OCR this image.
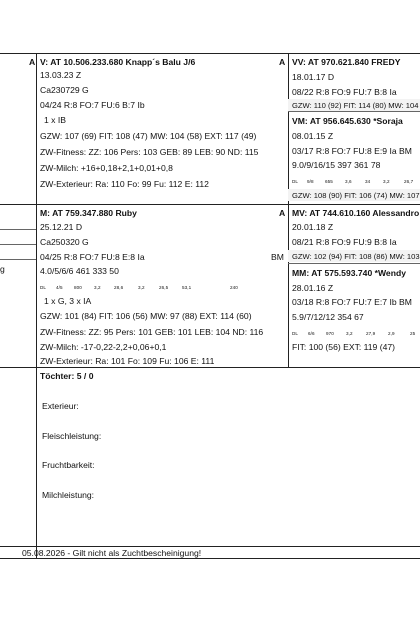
A
g
V: AT 10.506.233.680 Knapp´s Balu J/6	A
13.03.23 Z
Ca230729 G
04/24 R:8 FO:7 FU:6 B:7 Ib
1 x IB
GZW: 107 (69) FIT: 108 (47) MW: 104 (58) EXT: 117 (49)
ZW-Fitness: ZZ: 106 Pers: 103 GEB: 89 LEB: 90 ND: 115
ZW-Milch: +16+0,18+2,1+0,01+0,8
ZW-Exterieur: Ra: 110 Fo: 99 Fu: 112 E: 112
VV: AT 970.621.840 FREDY
18.01.17 D
08/22 R:8 FO:9 FU:7 B:8 Ia
GZW: 110 (92) FIT: 114 (80) MW: 104
VM: AT 956.645.630 *Soraja
08.01.15 Z
03/17 R:8 FO:7 FU:8 E:9 Ia BM
9.0/9/16/15 397 361 78
DL 9/8 655	3,6	34	3,2	26,7
GZW: 108 (90) FIT: 106 (74) MW: 107
M: AT 759.347.880 Ruby	A
25.12.21 D
Ca250320 G
04/25 R:8 FO:7 FU:8 E:8 Ia	BM
4.0/5/6/6 461 333 50
DL 4/5 800	3,2	28,6	3,2	26,5	53,1	240
1 x G, 3 x IA
GZW: 101 (84) FIT: 106 (56) MW: 97 (88) EXT: 114 (60)
ZW-Fitness: ZZ: 95 Pers: 101 GEB: 101 LEB: 104 ND: 116
ZW-Milch: -17-0,22-2,2+0,06+0,1
ZW-Exterieur: Ra: 101 Fo: 109 Fu: 106 E: 111
MV: AT 744.610.160 Alessandro
20.01.18 Z
08/21 R:8 FO:9 FU:9 B:8 Ia
GZW: 102 (94) FIT: 108 (86) MW: 103
MM: AT 575.593.740 *Wendy
28.01.16 Z
03/18 R:8 FO:7 FU:7 E:7 Ib BM
5.9/7/12/12 354 67
DL 6/6 970	3,2	27,9	2,9	25
FIT: 100 (56) EXT: 119 (47)
Töchter: 5 / 0
Exterieur:
Fleischleistung:
Fruchtbarkeit:
Milchleistung:
05.08.2026 - Gilt nicht als Zuchtbescheinigung!
